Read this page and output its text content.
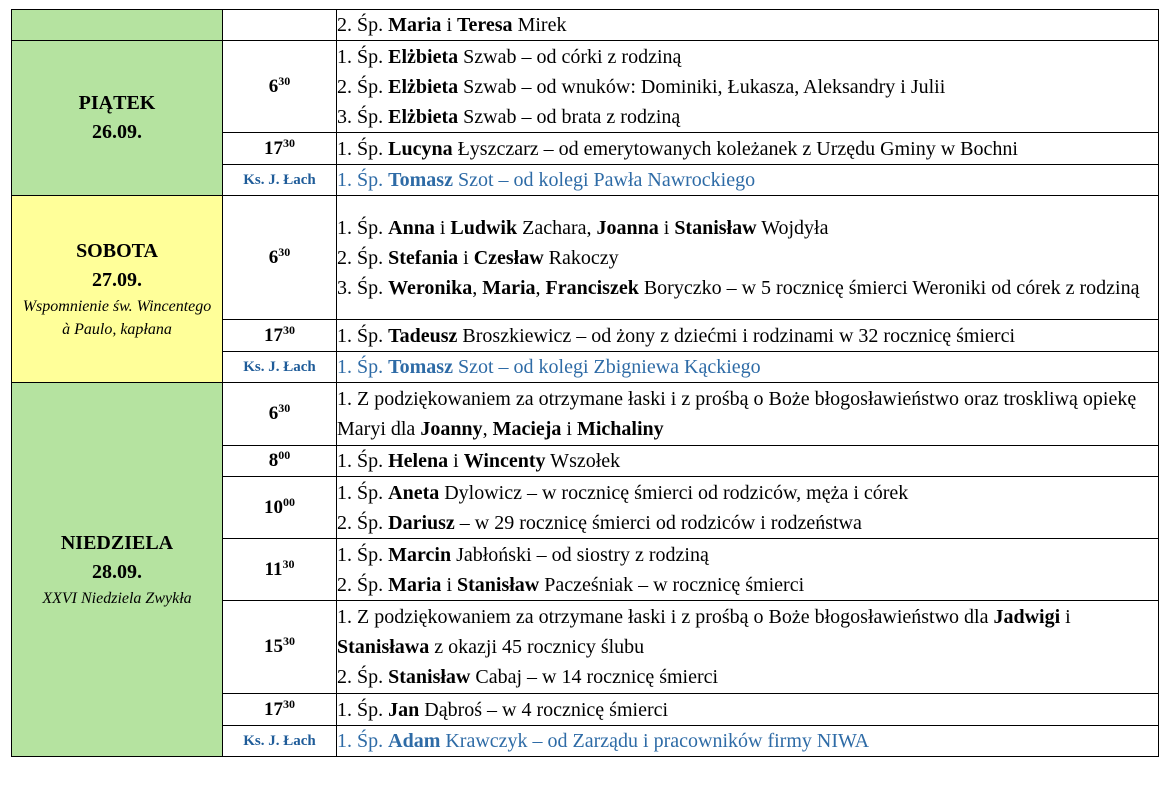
		2. Śp. Maria i Teresa Mirek

PIĄTEK
26.09.	$6^{30}$	1. Śp. Elżbieta Szwab – od córki z rodziną
2. Śp. Elżbieta Szwab – od wnuków: Dominiki, Łukasza, Aleksandry i Julii
3. Śp. Elżbieta Szwab – od brata z rodziną

	$17^{30}$	1. Śp. Lucyna Łyszczarz – od emerytowanych koleżanek z Urzędu Gminy w Bochni

	Ks. J. Łach	1. Śp. Tomasz Szot – od kolegi Pawła Nawrockiego

SOBOTA
27.09.
Wspomnienie św. Wincentego à Paulo, kapłana	$6^{30}$	1. Śp. Anna i Ludwik Zachara, Joanna i Stanisław Wojdyła
2. Śp. Stefania i Czesław Rakoczy
3. Śp. Weronika, Maria, Franciszek Boryczko – w 5 rocznicę śmierci Weroniki od córek z rodziną

	$17^{30}$	1. Śp. Tadeusz Broszkiewicz – od żony z dziećmi i rodzinami w 32 rocznicę śmierci

	Ks. J. Łach	1. Śp. Tomasz Szot – od kolegi Zbigniewa Kąckiego

NIEDZIELA
28.09.
XXVI Niedziela Zwykła	$6^{30}$	1. Z podziękowaniem za otrzymane łaski i z prośbą o Boże błogosławieństwo oraz troskliwą opiekę Maryi dla Joanny, Macieja i Michaliny

	$8^{00}$	1. Śp. Helena i Wincenty Wszołek

	$10^{00}$	1. Śp. Aneta Dylowicz – w rocznicę śmierci od rodziców, męża i córek
2. Śp. Dariusz – w 29 rocznicę śmierci od rodziców i rodzeństwa

	$11^{30}$	1. Śp. Marcin Jabłoński – od siostry z rodziną
2. Śp. Maria i Stanisław Pacześniak – w rocznicę śmierci

	$15^{30}$	1. Z podziękowaniem za otrzymane łaski i z prośbą o Boże błogosławieństwo dla Jadwigi i Stanisława z okazji 45 rocznicy ślubu
2. Śp. Stanisław Cabaj – w 14 rocznicę śmierci

	$17^{30}$	1. Śp. Jan Dąbroś – w 4 rocznicę śmierci

	Ks. J. Łach	1. Śp. Adam Krawczyk – od Zarządu i pracowników firmy NIWA
